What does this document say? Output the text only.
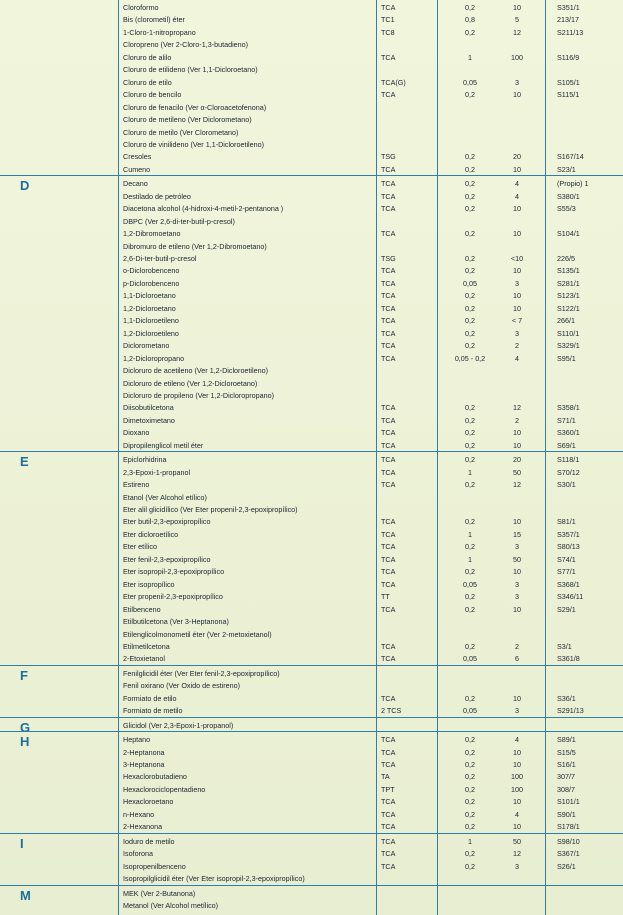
Cloroformo	TCA	0,2	10	S351/1
Bis (clorometil) éter	TC1	0,8	5	213/17
1-Cloro-1-nitropropano	TC8	0,2	12	S211/13
Cloropreno (Ver 2-Cloro-1,3-butadieno)
Cloruro de alilo	TCA	1	100	S116/9
Cloruro de etilideno (Ver 1,1-Dicloroetano)
Cloruro de etilo	TCA(G)	0,05	3	S105/1
Cloruro de bencilo	TCA	0,2	10	S115/1
Cloruro de fenacilo (Ver α-Cloroacetofenona)
Cloruro de metileno (Ver Diclorometano)
Cloruro de metilo (Ver Clorometano)
Cloruro de vinilideno (Ver 1,1-Dicloroetileno)
Cresoles	TSG	0,2	20	S167/14
Cumeno	TCA	0,2	10	S23/1
D	Decano	TCA	0,2	4	(Propio) 1
Destilado de petróleo	TCA	0,2	4	S380/1
Diacetona alcohol (4-hidroxi-4-metil-2-pentanona )	TCA	0,2	10	S55/3
DBPC (Ver 2,6-di-ter-butil-p-cresol)
1,2-Dibromoetano	TCA	0,2	10	S104/1
Dibromuro de etileno (Ver 1,2-Dibromoetano)
2,6-Di-ter-butil-p-cresol	TSG	0,2	<10	226/5
o-Diclorobenceno	TCA	0,2	10	S135/1
p-Diclorobenceno	TCA	0,05	3	S281/1
1,1-Dicloroetano	TCA	0,2	10	S123/1
1,2-Dicloroetano	TCA	0,2	10	S122/1
1,1-Dicloroetileno	TCA	0,2	< 7	266/1
1,2-Dicloroetileno	TCA	0,2	3	S110/1
Diclorometano	TCA	0,2	2	S329/1
1,2-Dicloropropano	TCA	0,05 - 0,2	4	S95/1
Dicloruro de acetileno (Ver 1,2-Dicloroetileno)
Dicloruro de etileno (Ver 1,2-Dicloroetano)
Dicloruro de propileno (Ver 1,2-Dicloropropano)
Diisobutilcetona	TCA	0,2	12	S358/1
Dimetoximetano	TCA	0,2	2	S71/1
Dioxano	TCA	0,2	10	S360/1
Dipropilenglicol metil éter	TCA	0,2	10	S69/1
E	Epiclorhidrina	TCA	0,2	20	S118/1
2,3-Epoxi-1-propanol	TCA	1	50	S70/12
Estireno	TCA	0,2	12	S30/1
Etanol (Ver Alcohol etílico)
Eter alil glicidílico (Ver Eter propenil-2,3-epoxipropílico)
Eter butil-2,3-epoxipropílico	TCA	0,2	10	S81/1
Eter dicloroetílico	TCA	1	15	S357/1
Eter etílico	TCA	0,2	3	S80/13
Eter fenil-2,3-epoxipropílico	TCA	1	50	S74/1
Eter isopropil-2,3-epoxipropílico	TCA	0,2	10	S77/1
Eter isopropílico	TCA	0,05	3	S368/1
Eter propenil-2,3-epoxipropílico	TT	0,2	3	S346/11
Etilbenceno	TCA	0,2	10	S29/1
Etilbutilcetona (Ver 3-Heptanona)
Etilenglicolmonometil éter (Ver 2-metoxietanol)
Etilmetilcetona	TCA	0,2	2	S3/1
2-Etoxietanol	TCA	0,05	6	S361/8
F	Fenilglicidil éter (Ver Eter fenil-2,3-epoxipropílico)
Fenil oxirano (Ver Oxido de estireno)
Formiato de etilo	TCA	0,2	10	S36/1
Formiato de metilo	2 TCS	0,05	3	S291/13
G	Glicidol (Ver 2,3-Epoxi-1-propanol)
H	Heptano	TCA	0,2	4	S89/1
2-Heptanona	TCA	0,2	10	S15/5
3-Heptanona	TCA	0,2	10	S16/1
Hexaclorobutadieno	TA	0,2	100	307/7
Hexaclorociclopentadieno	TPT	0,2	100	308/7
Hexacloroetano	TCA	0,2	10	S101/1
n-Hexano	TCA	0,2	4	S90/1
2-Hexanona	TCA	0,2	10	S178/1
I	Ioduro de metilo	TCA	1	50	S98/10
Isoforona	TCA	0,2	12	S367/1
Isopropenilbenceno	TCA	0,2	3	S26/1
Isopropilglicidil éter (Ver Eter isopropil-2,3-epoxipropílico)
M	MEK (Ver 2-Butanona)
Metanol (Ver Alcohol metílico)
